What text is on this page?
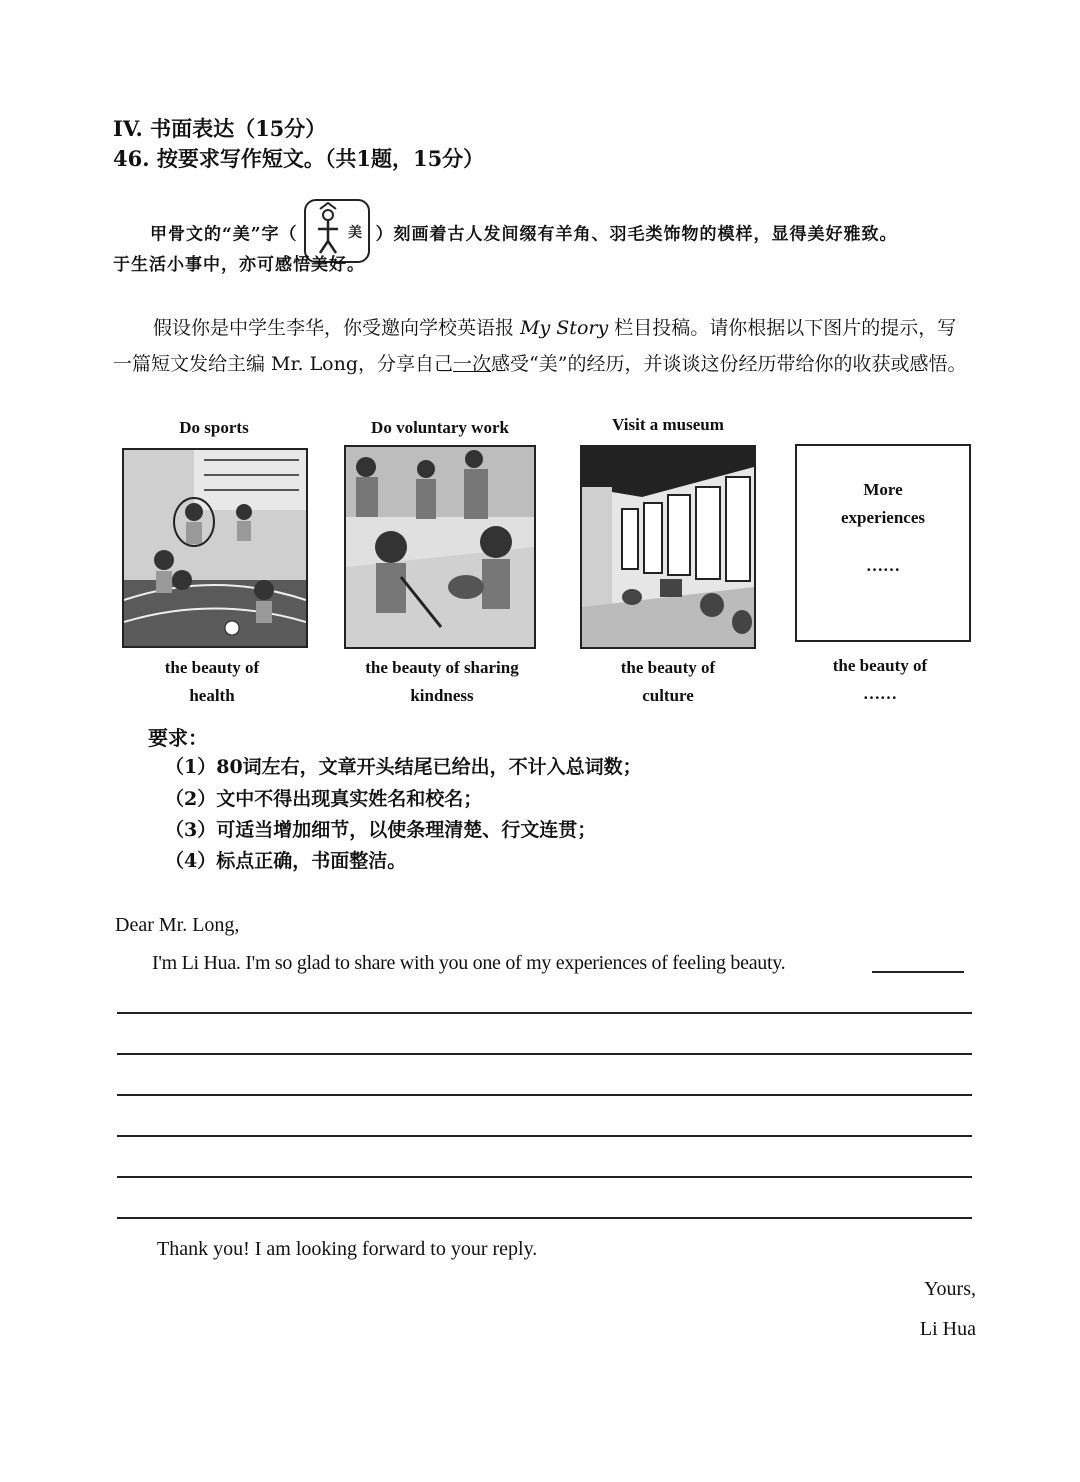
IV. 书面表达（15分）
46. 按要求写作短文。（共1题，15分）
甲骨文的“美”字（	美 ）刻画着古人发间缀有羊角、羽毛类饰物的模样，显得美好雅致。
于生活小事中，亦可感悟美好。
假设你是中学生李华，你受邀向学校英语报 My Story 栏目投稿。请你根据以下图片的提示，写一篇短文发给主编 Mr. Long，分享自己一次感受“美”的经历，并谈谈这份经历带给你的收获或感悟。
Do sports
the beauty of
health
Do voluntary work
the beauty of sharing
kindness
Visit a museum
the beauty of
culture
More
experiences
……
the beauty of
……
要求：
（1）80词左右，文章开头结尾已给出，不计入总词数；
（2）文中不得出现真实姓名和校名；
（3）可适当增加细节，以使条理清楚、行文连贯；
（4）标点正确，书面整洁。
Dear Mr. Long,
I'm Li Hua. I'm so glad to share with you one of my experiences of feeling beauty.
Thank you! I am looking forward to your reply.
Yours,
Li Hua
